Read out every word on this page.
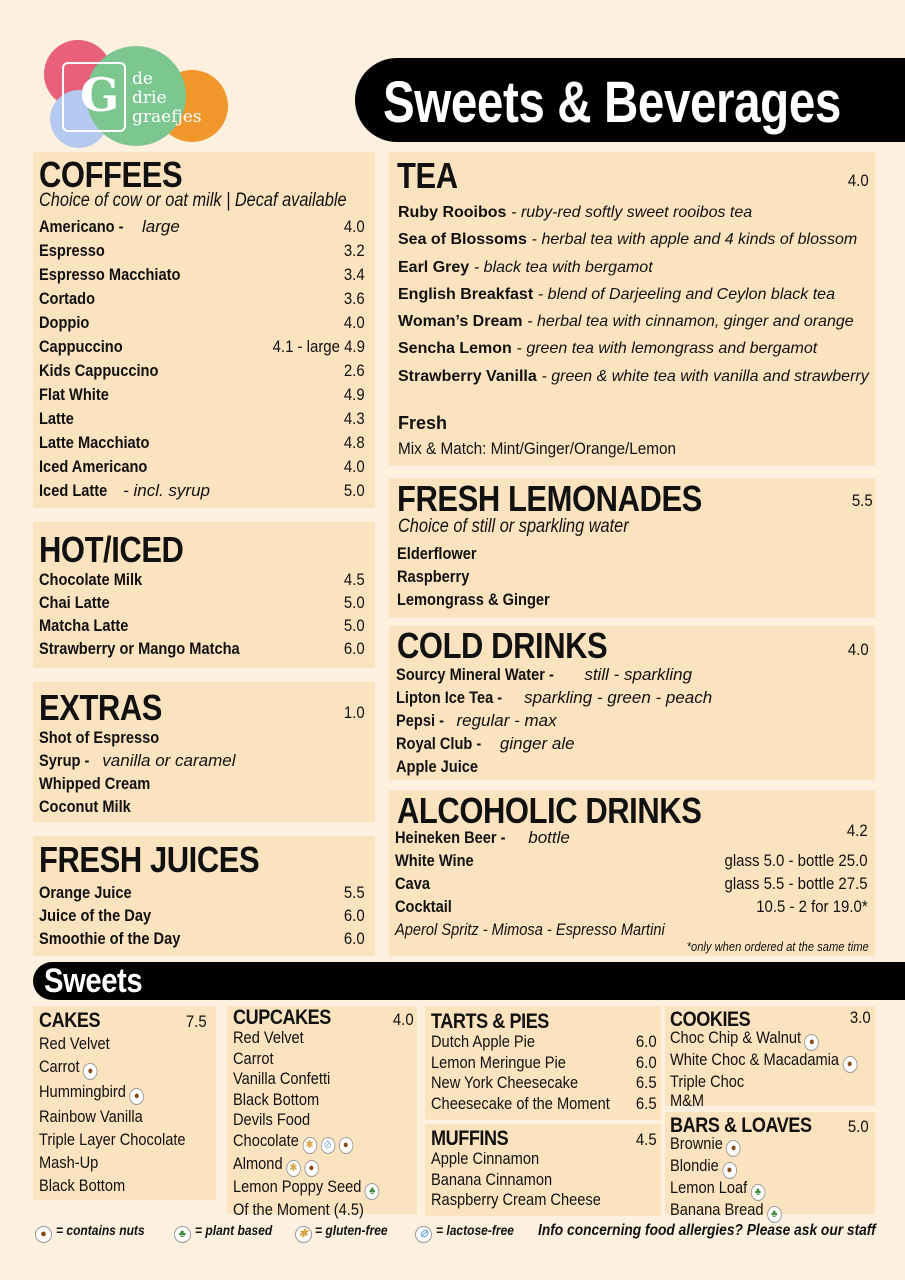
G de
drie
graefjes	Sweets & Beverages
COFFEES
Choice of cow or oat milk | Decaf available
Americano - large	4.0
Espresso	3.2
Espresso Macchiato	3.4
Cortado	3.6
Doppio	4.0
Cappuccino	4.1 - large 4.9
Kids Cappuccino	2.6
Flat White	4.9
Latte	4.3
Latte Macchiato	4.8
Iced Americano	4.0
Iced Latte - incl. syrup	5.0
HOT/ICED
Chocolate Milk	4.5
Chai Latte	5.0
Matcha Latte	5.0
Strawberry or Mango Matcha	6.0
EXTRAS	1.0
Shot of Espresso
Syrup - vanilla or caramel
Whipped Cream
Coconut Milk
FRESH JUICES
Orange Juice	5.5
Juice of the Day	6.0
Smoothie of the Day	6.0
TEA	4.0
Ruby Rooibos - ruby-red softly sweet rooibos tea
Sea of Blossoms - herbal tea with apple and 4 kinds of blossom
Earl Grey - black tea with bergamot
English Breakfast - blend of Darjeeling and Ceylon black tea
Woman’s Dream - herbal tea with cinnamon, ginger and orange
Sencha Lemon - green tea with lemongrass and bergamot
Strawberry Vanilla - green & white tea with vanilla and strawberry
Fresh
Mix & Match: Mint/Ginger/Orange/Lemon
FRESH LEMONADES	5.5
Choice of still or sparkling water
Elderflower
Raspberry
Lemongrass & Ginger
COLD DRINKS	4.0
Sourcy Mineral Water - still - sparkling
Lipton Ice Tea - sparkling - green - peach
Pepsi - regular - max
Royal Club - ginger ale
Apple Juice
ALCOHOLIC DRINKS
Heineken Beer - bottle	4.2
White Wine	glass 5.0 - bottle 25.0
Cava	glass 5.5 - bottle 27.5
Cocktail	10.5 - 2 for 19.0*
Aperol Spritz - Mimosa - Espresso Martini
*only when ordered at the same time
Sweets
CAKES	7.5
Red Velvet
Carrot ●
Hummingbird ●
Rainbow Vanilla
Triple Layer Chocolate
Mash-Up
Black Bottom
CUPCAKES	4.0
Red Velvet
Carrot
Vanilla Confetti
Black Bottom
Devils Food
Chocolate ✱ ⊘ ●
Almond ✱ ●
Lemon Poppy Seed ♣
Of the Moment (4.5)
TARTS & PIES
Dutch Apple Pie	6.0
Lemon Meringue Pie	6.0
New York Cheesecake	6.5
Cheesecake of the Moment 6.5
MUFFINS	4.5
Apple Cinnamon
Banana Cinnamon
Raspberry Cream Cheese
COOKIES	3.0
Choc Chip & Walnut ●
White Choc & Macadamia ●
Triple Choc
M&M
BARS & LOAVES 5.0
Brownie ●
Blondie ●
Lemon Loaf ♣
Banana Bread ♣
● = contains nuts	♣ = plant based ✱ = gluten-free	⊘ = lactose-free Info concerning food allergies? Please ask our staff
